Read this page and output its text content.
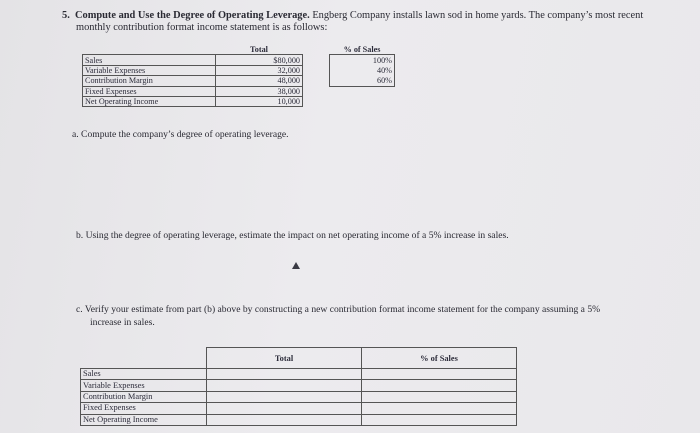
5. Compute and Use the Degree of Operating Leverage. Engberg Company installs lawn sod in home yards. The company’s most recent
monthly contribution format income statement is as follows:
	Total		% of Sales
Sales	$80,000		100%
Variable Expenses	32,000		40%
Contribution Margin	48,000		60%
Fixed Expenses	38,000		
Net Operating Income	10,000		
a. Compute the company’s degree of operating leverage.
b. Using the degree of operating leverage, estimate the impact on net operating income of a 5% increase in sales.
c. Verify your estimate from part (b) above by constructing a new contribution format income statement for the company assuming a 5%
increase in sales.
	Total	% of Sales
Sales		
Variable Expenses		
Contribution Margin		
Fixed Expenses		
Net Operating Income		
